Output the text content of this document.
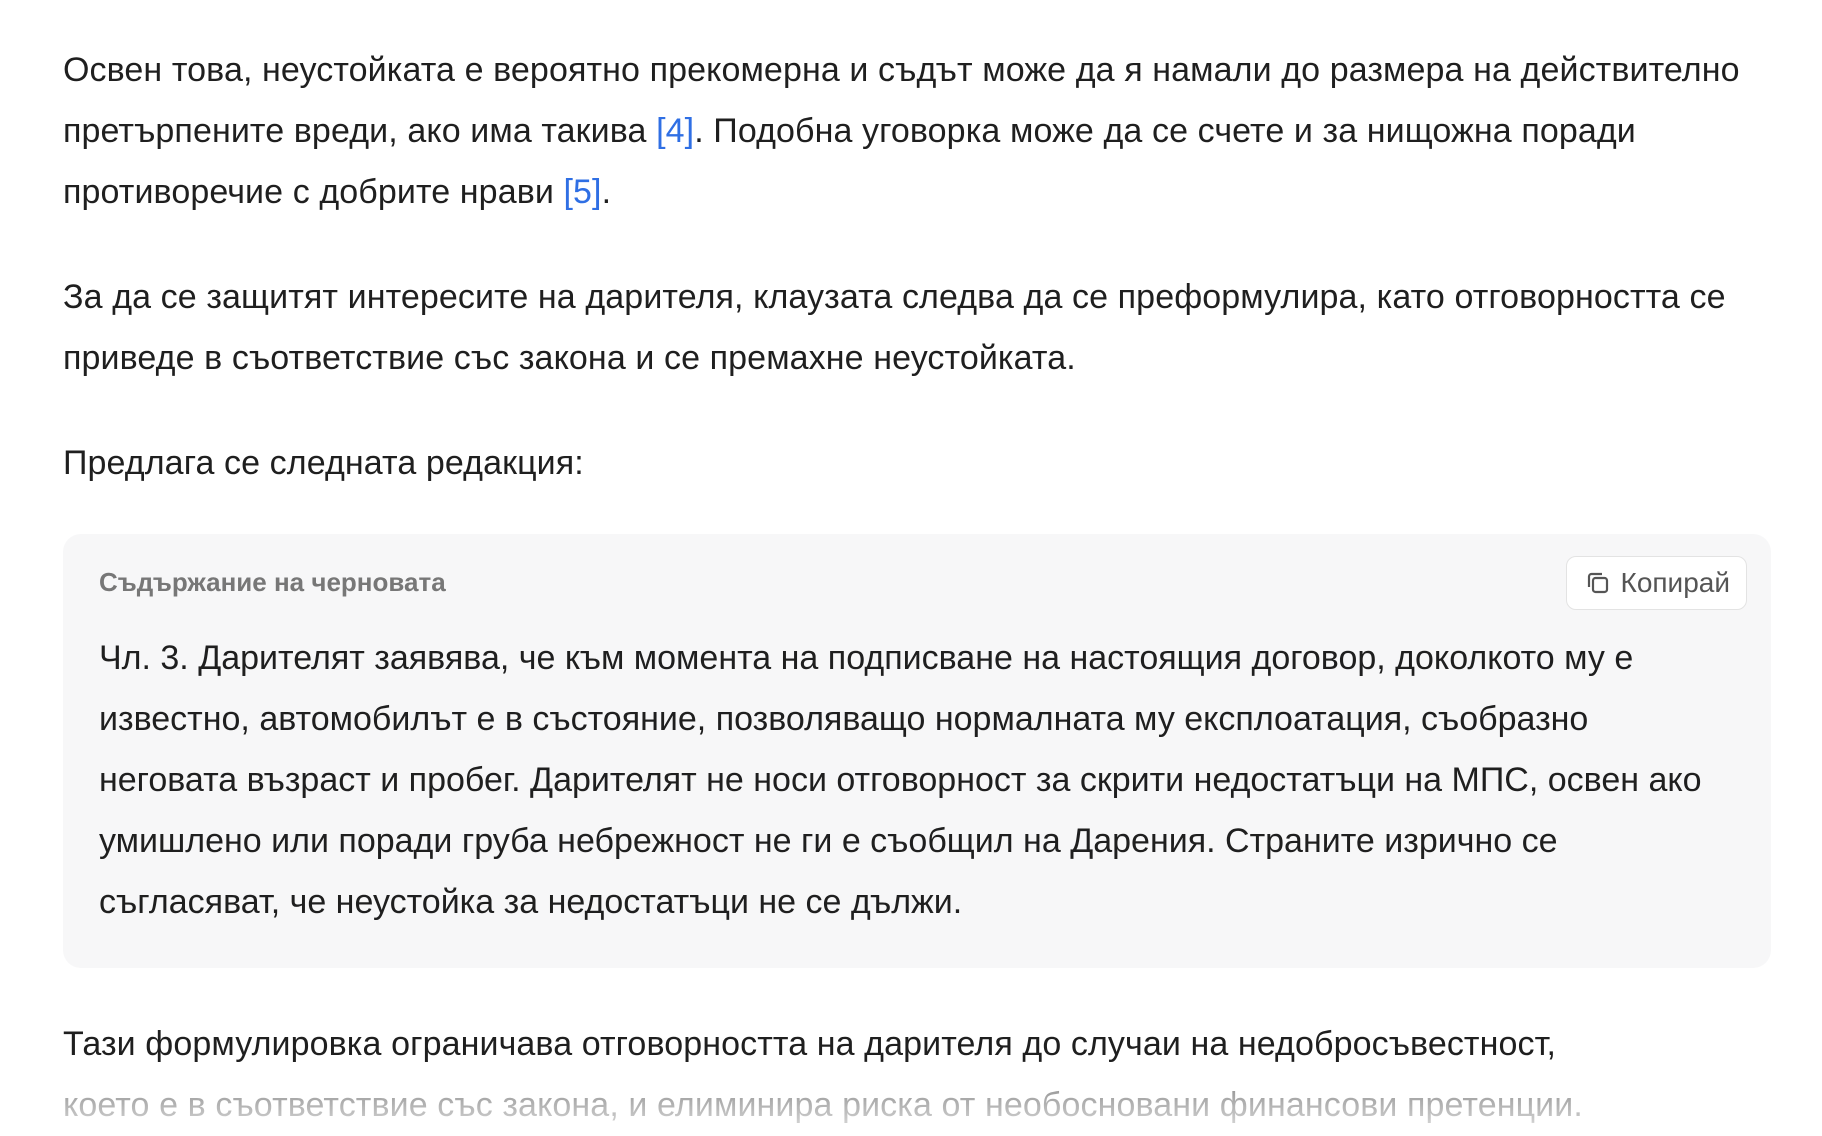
Освен това, неустойката е вероятно прекомерна и съдът може да я намали до размера на действително претърпените вреди, ако има такива [4]. Подобна уговорка може да се счете и за нищожна поради противоречие с добрите нрави [5].

За да се защитят интересите на дарителя, клаузата следва да се преформулира, като отговорността се приведе в съответствие със закона и се премахне неустойката.

Предлага се следната редакция:

Съдържание на черновата	Копирай
Чл. 3. Дарителят заявява, че към момента на подписване на настоящия договор, доколкото му е известно, автомобилът е в състояние, позволяващо нормалната му експлоатация, съобразно неговата възраст и пробег. Дарителят не носи отговорност за скрити недостатъци на МПС, освен ако умишлено или поради груба небрежност не ги е съобщил на Дарения. Страните изрично се съгласяват, че неустойка за недостатъци не се дължи.

Тази формулировка ограничава отговорността на дарителя до случаи на недобросъвестност,

което е в съответствие със закона, и елиминира риска от необосновани финансови претенции.
